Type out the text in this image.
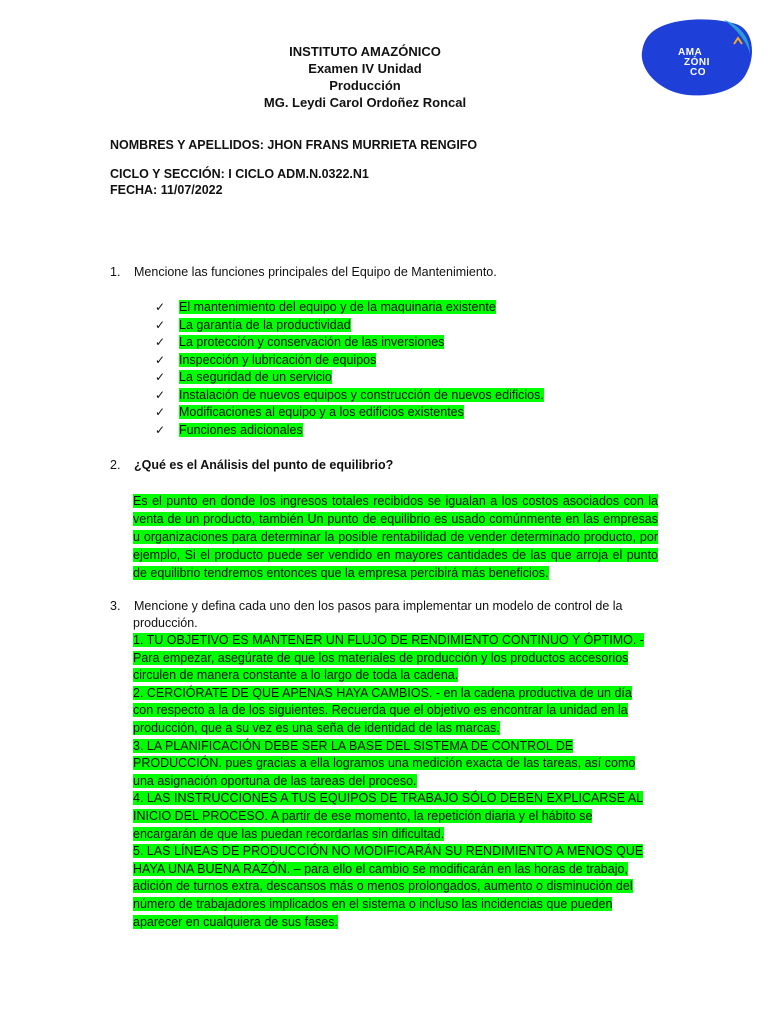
INSTITUTO AMAZÓNICO
Examen IV Unidad
Producción
MG. Leydi Carol Ordoñez Roncal
AMA
ZÓNI
CO
NOMBRES Y APELLIDOS: JHON FRANS MURRIETA RENGIFO
CICLO Y SECCIÓN: I CICLO ADM.N.0322.N1
FECHA: 11/07/2022
1. Mencione las funciones principales del Equipo de Mantenimiento.
✓ El mantenimiento del equipo y de la maquinaria existente
✓ La garantía de la productividad
✓ La protección y conservación de las inversiones
✓ Inspección y lubricación de equipos
✓ La seguridad de un servicio
✓ Instalación de nuevos equipos y construcción de nuevos edificios.
✓ Modificaciones al equipo y a los edificios existentes
✓ Funciones adicionales
2. ¿Qué es el Análisis del punto de equilibrio?
Es el punto en donde los ingresos totales recibidos se igualan a los costos asociados con la venta de un producto, también Un punto de equilibrio es usado comúnmente en las empresas u organizaciones para determinar la posible rentabilidad de vender determinado producto, por ejemplo, Si el producto puede ser vendido en mayores cantidades de las que arroja el punto de equilibrio tendremos entonces que la empresa percibirá más beneficios.
3. Mencione y defina cada uno den los pasos para implementar un modelo de control de la
producción.

1. TU OBJETIVO ES MANTENER UN FLUJO DE RENDIMIENTO CONTINUO Y ÓPTIMO. -Para empezar, asegúrate de que los materiales de producción y los productos accesorios circulen de manera constante a lo largo de toda la cadena.

2. CERCIÓRATE DE QUE APENAS HAYA CAMBIOS. - en la cadena productiva de un día con respecto a la de los siguientes. Recuerda que el objetivo es encontrar la unidad en la producción, que a su vez es una seña de identidad de las marcas.

3. LA PLANIFICACIÓN DEBE SER LA BASE DEL SISTEMA DE CONTROL DE PRODUCCIÓN. pues gracias a ella logramos una medición exacta de las tareas, así como una asignación oportuna de las tareas del proceso.

4. LAS INSTRUCCIONES A TUS EQUIPOS DE TRABAJO SÓLO DEBEN EXPLICARSE AL INICIO DEL PROCESO. A partir de ese momento, la repetición diaria y el hábito se encargarán de que las puedan recordarlas sin dificultad.

5. LAS LÍNEAS DE PRODUCCIÓN NO MODIFICARÁN SU RENDIMIENTO A MENOS QUE HAYA UNA BUENA RAZÓN. – para ello el cambio se modificarán en las horas de trabajo, adición de turnos extra, descansos más o menos prolongados, aumento o disminución del número de trabajadores implicados en el sistema o incluso las incidencias que pueden aparecer en cualquiera de sus fases.
